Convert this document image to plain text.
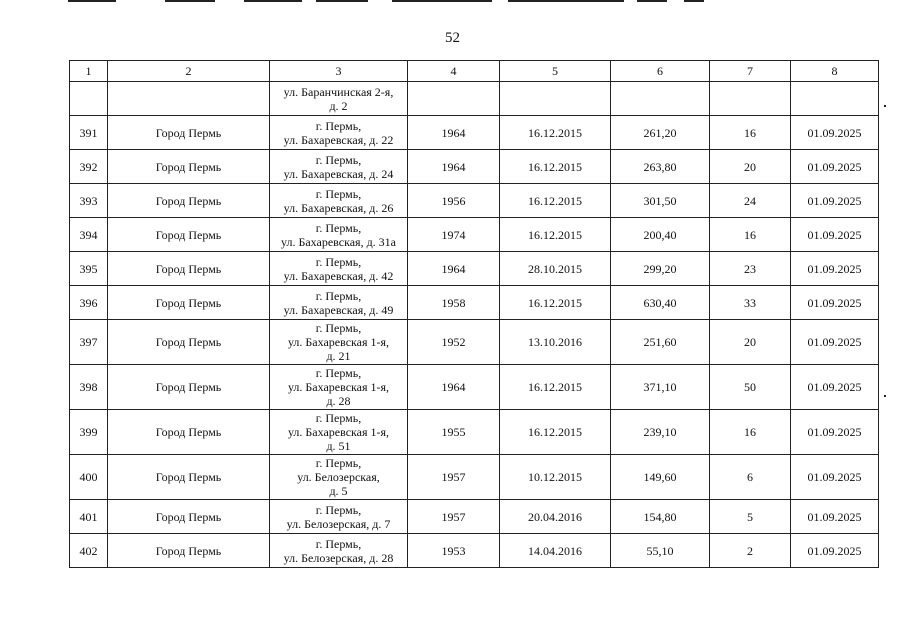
52
1	2	3	4	5	6	7	8

		ул. Баранчинская 2-я,
д. 2					

391	Город Пермь	г. Пермь,
ул. Бахаревская, д. 22	1964	16.12.2015	261,20	16	01.09.2025
392	Город Пермь	г. Пермь,
ул. Бахаревская, д. 24	1964	16.12.2015	263,80	20	01.09.2025
393	Город Пермь	г. Пермь,
ул. Бахаревская, д. 26	1956	16.12.2015	301,50	24	01.09.2025
394	Город Пермь	г. Пермь,
ул. Бахаревская, д. 31а	1974	16.12.2015	200,40	16	01.09.2025
395	Город Пермь	г. Пермь,
ул. Бахаревская, д. 42	1964	28.10.2015	299,20	23	01.09.2025
396	Город Пермь	г. Пермь,
ул. Бахаревская, д. 49	1958	16.12.2015	630,40	33	01.09.2025
397	Город Пермь	г. Пермь,
ул. Бахаревская 1-я,
д. 21	1952	13.10.2016	251,60	20	01.09.2025
398	Город Пермь	г. Пермь,
ул. Бахаревская 1-я,
д. 28	1964	16.12.2015	371,10	50	01.09.2025
399	Город Пермь	г. Пермь,
ул. Бахаревская 1-я,
д. 51	1955	16.12.2015	239,10	16	01.09.2025
400	Город Пермь	г. Пермь,
ул. Белозерская,
д. 5	1957	10.12.2015	149,60	6	01.09.2025
401	Город Пермь	г. Пермь,
ул. Белозерская, д. 7	1957	20.04.2016	154,80	5	01.09.2025
402	Город Пермь	г. Пермь,
ул. Белозерская, д. 28	1953	14.04.2016	55,10	2	01.09.2025
